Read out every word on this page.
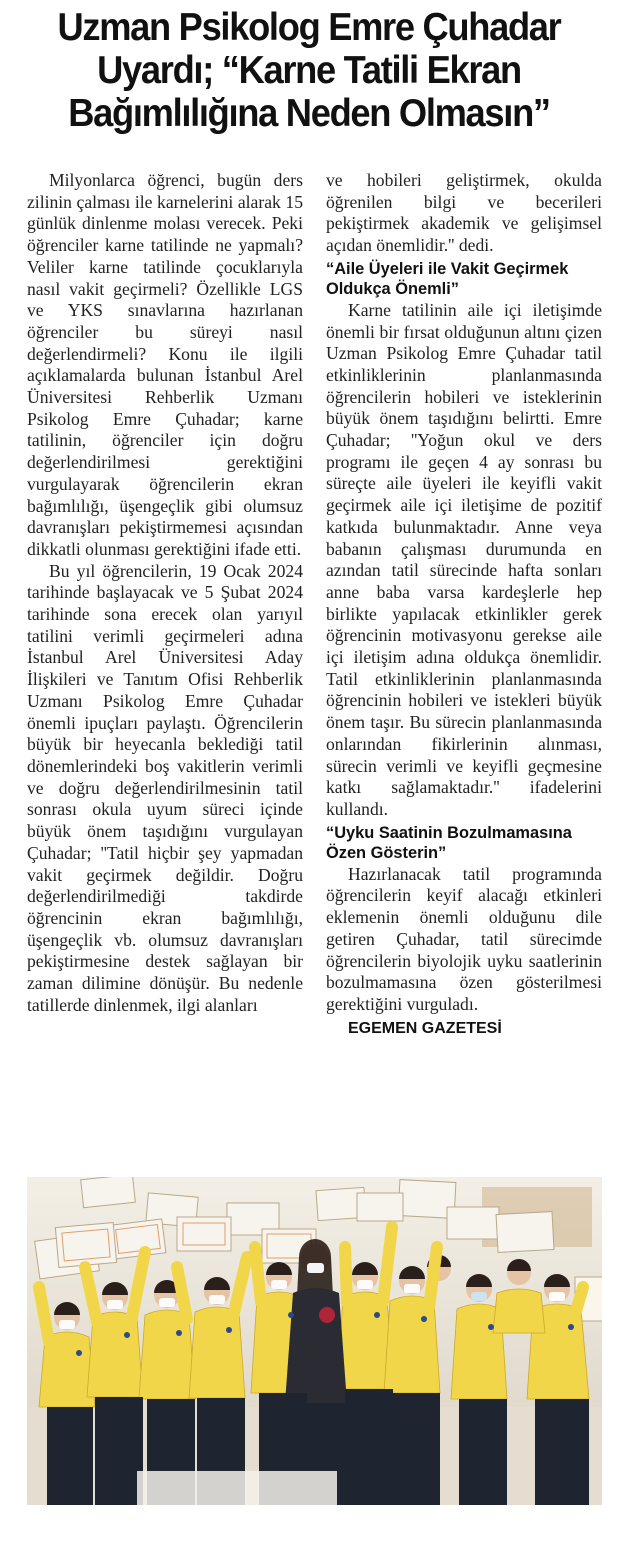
Uzman Psikolog Emre Çuhadar Uyardı; “Karne Tatili Ekran Bağımlılığına Neden Olmasın”

Milyonlarca öğrenci, bugün ders zilinin çalması ile karnelerini alarak 15 günlük dinlenme molası verecek. Peki öğrenciler karne tatilinde ne yapmalı? Veliler karne tatilinde çocuklarıyla nasıl vakit geçirmeli? Özellikle LGS ve YKS sınavlarına hazırlanan öğrenciler bu süreyi nasıl değerlendirmeli? Konu ile ilgili açıklamalarda bulunan İstanbul Arel Üniversitesi Rehberlik Uzmanı Psikolog Emre Çuhadar; karne tatilinin, öğrenciler için doğru değerlendirilmesi gerektiğini vurgulayarak öğrencilerin ekran bağımlılığı, üşengeçlik gibi olumsuz davranışları pekiştirmemesi açısından dikkatli olunması gerektiğini ifade etti.

Bu yıl öğrencilerin, 19 Ocak 2024 tarihinde başlayacak ve 5 Şubat 2024 tarihinde sona erecek olan yarıyıl tatilini verimli geçirmeleri adına İstanbul Arel Üniversitesi Aday İlişkileri ve Tanıtım Ofisi Rehberlik Uzmanı Psikolog Emre Çuhadar önemli ipuçları paylaştı. Öğrencilerin büyük bir heyecanla beklediği tatil dönemlerindeki boş vakitlerin verimli ve doğru değerlendirilmesinin tatil sonrası okula uyum süreci içinde büyük önem taşıdığını vurgulayan Çuhadar; ''Tatil hiçbir şey yapmadan vakit geçirmek değildir. Doğru değerlendirilmediği takdirde öğrencinin ekran bağımlılığı, üşengeçlik vb. olumsuz davranışları pekiştirmesine destek sağlayan bir zaman dilimine dönüşür. Bu nedenle tatillerde dinlenmek, ilgi alanları

ve hobileri geliştirmek, okulda öğrenilen bilgi ve becerileri pekiştirmek akademik ve gelişimsel açıdan önemlidir.'' dedi.

“Aile Üyeleri ile Vakit Geçirmek Oldukça Önemli”

Karne tatilinin aile içi iletişimde önemli bir fırsat olduğunun altını çizen Uzman Psikolog Emre Çuhadar tatil etkinliklerinin planlanmasında öğrencilerin hobileri ve isteklerinin büyük önem taşıdığını belirtti. Emre Çuhadar; ''Yoğun okul ve ders programı ile geçen 4 ay sonrası bu süreçte aile üyeleri ile keyifli vakit geçirmek aile içi iletişime de pozitif katkıda bulunmaktadır. Anne veya babanın çalışması durumunda en azından tatil sürecinde hafta sonları anne baba varsa kardeşlerle hep birlikte yapılacak etkinlikler gerek öğrencinin motivasyonu gerekse aile içi iletişim adına oldukça önemlidir. Tatil etkinliklerinin planlanmasında öğrencinin hobileri ve istekleri büyük önem taşır. Bu sürecin planlanmasında onlarından fikirlerinin alınması, sürecin verimli ve keyifli geçmesine katkı sağlamaktadır.'' ifadelerini kullandı.

“Uyku Saatinin Bozulmamasına Özen Gösterin”

Hazırlanacak tatil programında öğrencilerin keyif alacağı etkinleri eklemenin önemli olduğunu dile getiren Çuhadar, tatil sürecimde öğrencilerin biyolojik uyku saatlerinin bozulmamasına özen gösterilmesi gerektiğini vurguladı.

EGEMEN GAZETESİ
